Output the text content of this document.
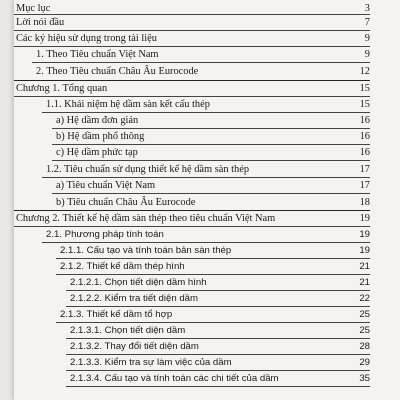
Mục lục	3
Lời nói đầu	7
Các ký hiệu sử dụng trong tài liệu	9
1. Theo Tiêu chuẩn Việt Nam	9
2. Theo Tiêu chuẩn Châu Âu Eurocode	12
Chương 1. Tổng quan	15
1.1. Khái niệm hệ dầm sàn kết cấu thép	15
a) Hệ dầm đơn giản	16
b) Hệ dầm phổ thông	16
c) Hệ dầm phức tạp	16
1.2. Tiêu chuẩn sử dụng thiết kế hệ dầm sàn thép	17
a) Tiêu chuẩn Việt Nam	17
b) Tiêu chuẩn Châu Âu Eurocode	18
Chương 2. Thiết kế hệ dầm sàn thép theo tiêu chuẩn Việt Nam	19
2.1. Phương pháp tính toán	19
2.1.1. Cấu tạo và tính toán bản sàn thép	19
2.1.2. Thiết kế dầm thép hình	21
2.1.2.1. Chọn tiết diện dầm hình	21
2.1.2.2. Kiểm tra tiết diện dầm	22
2.1.3. Thiết kế dầm tổ hợp	25
2.1.3.1. Chọn tiết diện dầm	25
2.1.3.2. Thay đổi tiết diện dầm	28
2.1.3.3. Kiểm tra sự làm việc của dầm	29
2.1.3.4. Cấu tạo và tính toán các chi tiết của dầm	35
